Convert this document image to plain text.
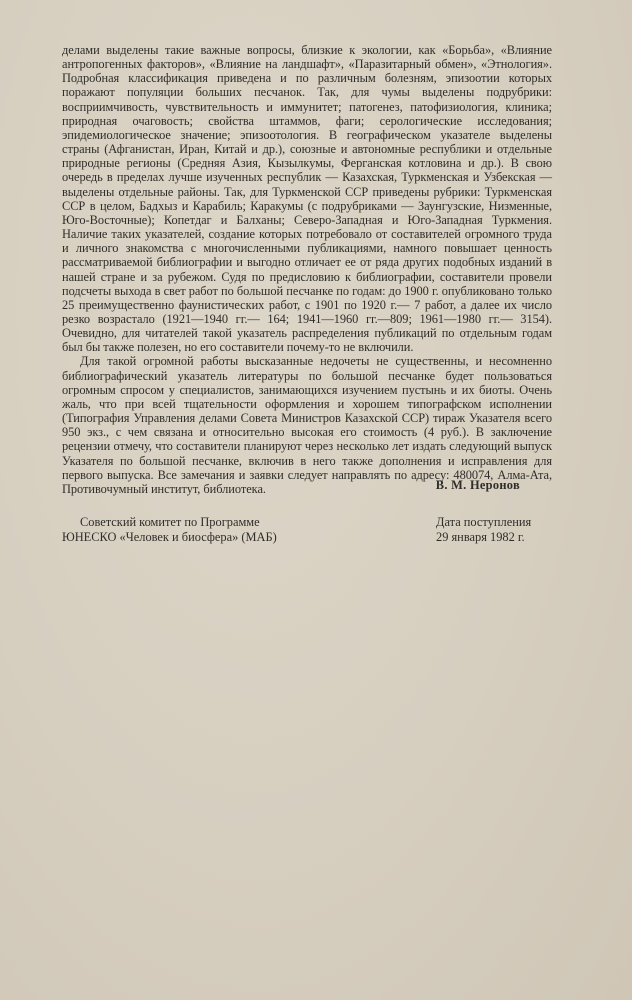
делами выделены такие важные вопросы, близкие к экологии, как «Борьба», «Влияние антропогенных факторов», «Влияние на ландшафт», «Паразитарный обмен», «Этнология». Подробная классификация приведена и по различным болезням, эпизоотии которых поражают популяции больших песчанок. Так, для чумы выделены подрубрики: восприимчивость, чувствительность и иммунитет; патогенез, патофизиология, клиника; природная очаговость; свойства штаммов, фаги; серологические исследования; эпидемиологическое значение; эпизоотология. В географическом указателе выделены страны (Афганистан, Иран, Китай и др.), союзные и автономные республики и отдельные природные регионы (Средняя Азия, Кызылкумы, Ферганская котловина и др.). В свою очередь в пределах лучше изученных республик — Казахская, Туркменская и Узбекская — выделены отдельные районы. Так, для Туркменской ССР приведены рубрики: Туркменская ССР в целом, Бадхыз и Карабиль; Каракумы (с подрубриками — Заунгузские, Низменные, Юго-Восточные); Копетдаг и Балханы; Северо-Западная и Юго-Западная Туркмения. Наличие таких указателей, создание которых потребовало от составителей огромного труда и личного знакомства с многочисленными публикациями, намного повышает ценность рассматриваемой библиографии и выгодно отличает ее от ряда других подобных изданий в нашей стране и за рубежом. Судя по предисловию к библиографии, составители провели подсчеты выхода в свет работ по большой песчанке по годам: до 1900 г. опубликовано только 25 преимущественно фаунистических работ, с 1901 по 1920 г.— 7 работ, а далее их число резко возрастало (1921—1940 гг.— 164; 1941—1960 гг.—809; 1961—1980 гг.— 3154). Очевидно, для читателей такой указатель распределения публикаций по отдельным годам был бы также полезен, но его составители почему-то не включили.

Для такой огромной работы высказанные недочеты не существенны, и несомненно библиографический указатель литературы по большой песчанке будет пользоваться огромным спросом у специалистов, занимающихся изучением пустынь и их биоты. Очень жаль, что при всей тщательности оформления и хорошем типографском исполнении (Типография Управления делами Совета Министров Казахской ССР) тираж Указателя всего 950 экз., с чем связана и относительно высокая его стоимость (4 руб.). В заключение рецензии отмечу, что составители планируют через несколько лет издать следующий выпуск Указателя по большой песчанке, включив в него также дополнения и исправления для первого выпуска. Все замечания и заявки следует направлять по адресу: 480074, Алма-Ата, Противочумный институт, библиотека.	В. М. Неронов
Советский комитет по Программе
ЮНЕСКО «Человек и биосфера» (МАБ)
Дата поступления
29 января 1982 г.
